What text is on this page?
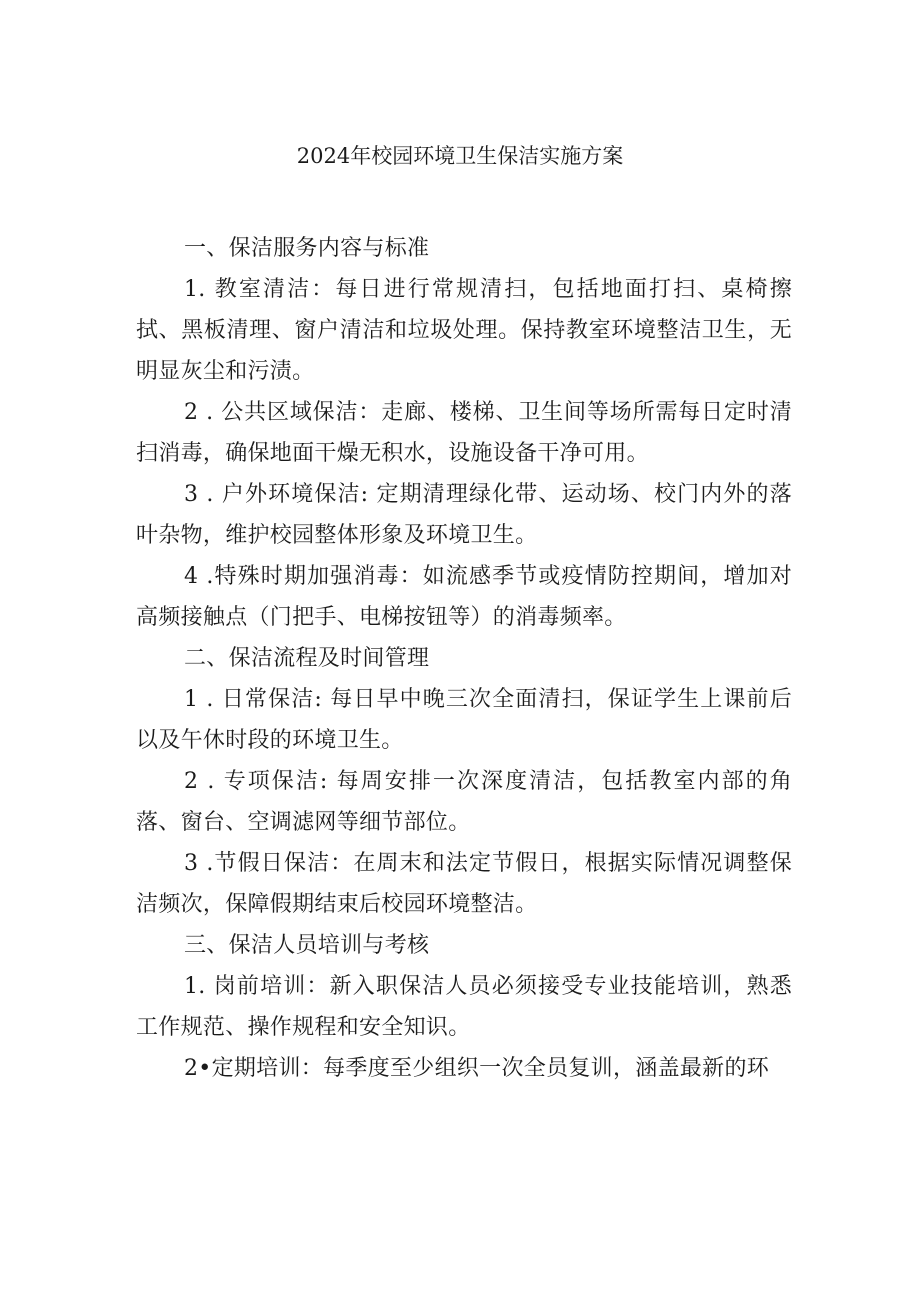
2024年校园环境卫生保洁实施方案

一、保洁服务内容与标准

1. 教室清洁：每日进行常规清扫，包括地面打扫、桌椅擦拭、黑板清理、窗户清洁和垃圾处理。保持教室环境整洁卫生，无明显灰尘和污渍。

2 . 公共区域保洁：走廊、楼梯、卫生间等场所需每日定时清扫消毒，确保地面干燥无积水，设施设备干净可用。

3 . 户外环境保洁: 定期清理绿化带、运动场、校门内外的落叶杂物，维护校园整体形象及环境卫生。

4 .特殊时期加强消毒：如流感季节或疫情防控期间，增加对高频接触点（门把手、电梯按钮等）的消毒频率。

二、保洁流程及时间管理

1 . 日常保洁: 每日早中晚三次全面清扫，保证学生上课前后以及午休时段的环境卫生。

2 . 专项保洁: 每周安排一次深度清洁，包括教室内部的角落、窗台、空调滤网等细节部位。

3 .节假日保洁：在周末和法定节假日，根据实际情况调整保洁频次，保障假期结束后校园环境整洁。

三、保洁人员培训与考核

1. 岗前培训：新入职保洁人员必须接受专业技能培训，熟悉工作规范、操作规程和安全知识。

2•定期培训：每季度至少组织一次全员复训，涵盖最新的环
